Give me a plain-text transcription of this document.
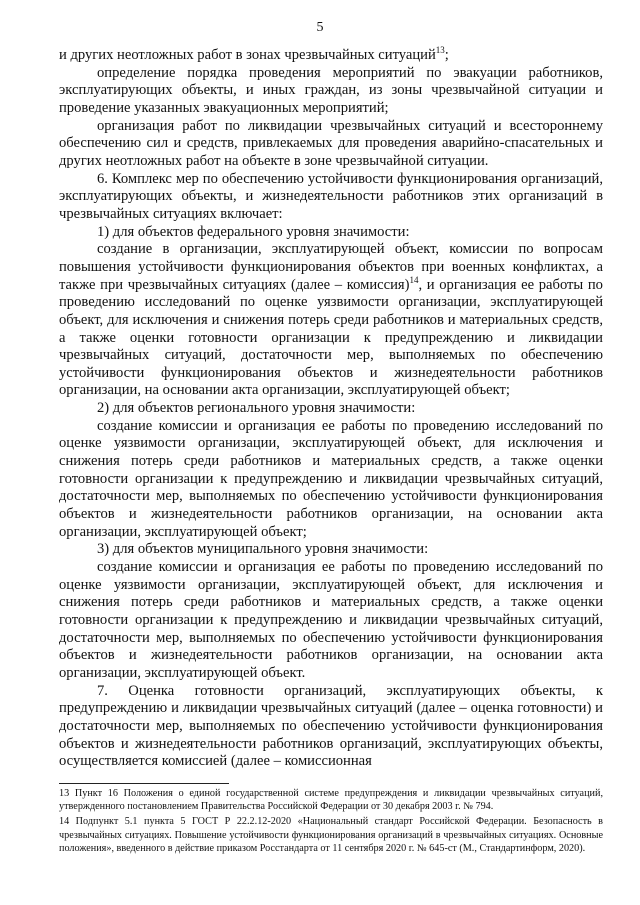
5

и других неотложных работ в зонах чрезвычайных ситуаций$^{13}$;

определение порядка проведения мероприятий по эвакуации работников, эксплуатирующих объекты, и иных граждан, из зоны чрезвычайной ситуации и проведение указанных эвакуационных мероприятий;

организация работ по ликвидации чрезвычайных ситуаций и всестороннему обеспечению сил и средств, привлекаемых для проведения аварийно-спасательных и других неотложных работ на объекте в зоне чрезвычайной ситуации.

6. Комплекс мер по обеспечению устойчивости функционирования организаций, эксплуатирующих объекты, и жизнедеятельности работников этих организаций в чрезвычайных ситуациях включает:

1) для объектов федерального уровня значимости:

создание в организации, эксплуатирующей объект, комиссии по вопросам повышения устойчивости функционирования объектов при военных конфликтах, а также при чрезвычайных ситуациях (далее – комиссия)$^{14}$, и организация ее работы по проведению исследований по оценке уязвимости организации, эксплуатирующей объект, для исключения и снижения потерь среди работников и материальных средств, а также оценки готовности организации к предупреждению и ликвидации чрезвычайных ситуаций, достаточности мер, выполняемых по обеспечению устойчивости функционирования объектов и жизнедеятельности работников организации, на основании акта организации, эксплуатирующей объект;

2) для объектов регионального уровня значимости:

создание комиссии и организация ее работы по проведению исследований по оценке уязвимости организации, эксплуатирующей объект, для исключения и снижения потерь среди работников и материальных средств, а также оценки готовности организации к предупреждению и ликвидации чрезвычайных ситуаций, достаточности мер, выполняемых по обеспечению устойчивости функционирования объектов и жизнедеятельности работников организации, на основании акта организации, эксплуатирующей объект;

3) для объектов муниципального уровня значимости:

создание комиссии и организация ее работы по проведению исследований по оценке уязвимости организации, эксплуатирующей объект, для исключения и снижения потерь среди работников и материальных средств, а также оценки готовности организации к предупреждению и ликвидации чрезвычайных ситуаций, достаточности мер, выполняемых по обеспечению устойчивости функционирования объектов и жизнедеятельности работников организации, на основании акта организации, эксплуатирующей объект.

7. Оценка готовности организаций, эксплуатирующих объекты, к предупреждению и ликвидации чрезвычайных ситуаций (далее – оценка готовности) и достаточности мер, выполняемых по обеспечению устойчивости функционирования объектов и жизнедеятельности работников организаций, эксплуатирующих объекты, осуществляется комиссией (далее – комиссионная

13 Пункт 16 Положения о единой государственной системе предупреждения и ликвидации чрезвычайных ситуаций, утвержденного постановлением Правительства Российской Федерации от 30 декабря 2003 г. № 794.

14 Подпункт 5.1 пункта 5 ГОСТ Р 22.2.12-2020 «Национальный стандарт Российской Федерации. Безопасность в чрезвычайных ситуациях. Повышение устойчивости функционирования организаций в чрезвычайных ситуациях. Основные положения», введенного в действие приказом Росстандарта от 11 сентября 2020 г. № 645-ст (М., Стандартинформ, 2020).
